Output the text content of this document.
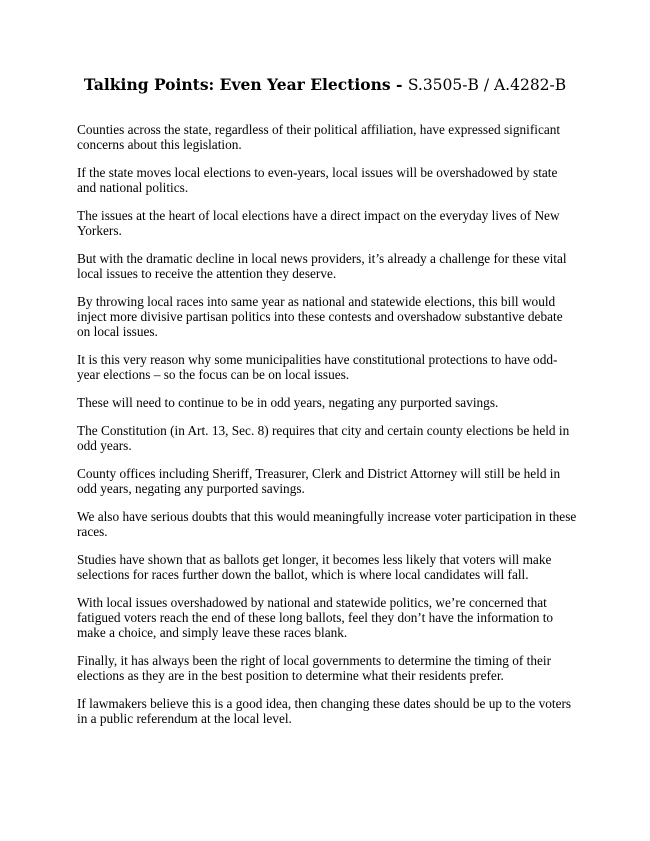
Talking Points: Even Year Elections - S.3505-B / A.4282-B

Counties across the state, regardless of their political affiliation, have expressed significant concerns about this legislation.

If the state moves local elections to even-years, local issues will be overshadowed by state and national politics.

The issues at the heart of local elections have a direct impact on the everyday lives of New Yorkers.

But with the dramatic decline in local news providers, it’s already a challenge for these vital local issues to receive the attention they deserve.

By throwing local races into same year as national and statewide elections, this bill would inject more divisive partisan politics into these contests and overshadow substantive debate on local issues.

It is this very reason why some municipalities have constitutional protections to have odd-year elections – so the focus can be on local issues.

These will need to continue to be in odd years, negating any purported savings.

The Constitution (in Art. 13, Sec. 8) requires that city and certain county elections be held in odd years.

County offices including Sheriff, Treasurer, Clerk and District Attorney will still be held in odd years, negating any purported savings.

We also have serious doubts that this would meaningfully increase voter participation in these races.

Studies have shown that as ballots get longer, it becomes less likely that voters will make selections for races further down the ballot, which is where local candidates will fall.

With local issues overshadowed by national and statewide politics, we’re concerned that fatigued voters reach the end of these long ballots, feel they don’t have the information to make a choice, and simply leave these races blank.

Finally, it has always been the right of local governments to determine the timing of their elections as they are in the best position to determine what their residents prefer.

If lawmakers believe this is a good idea, then changing these dates should be up to the voters in a public referendum at the local level.
